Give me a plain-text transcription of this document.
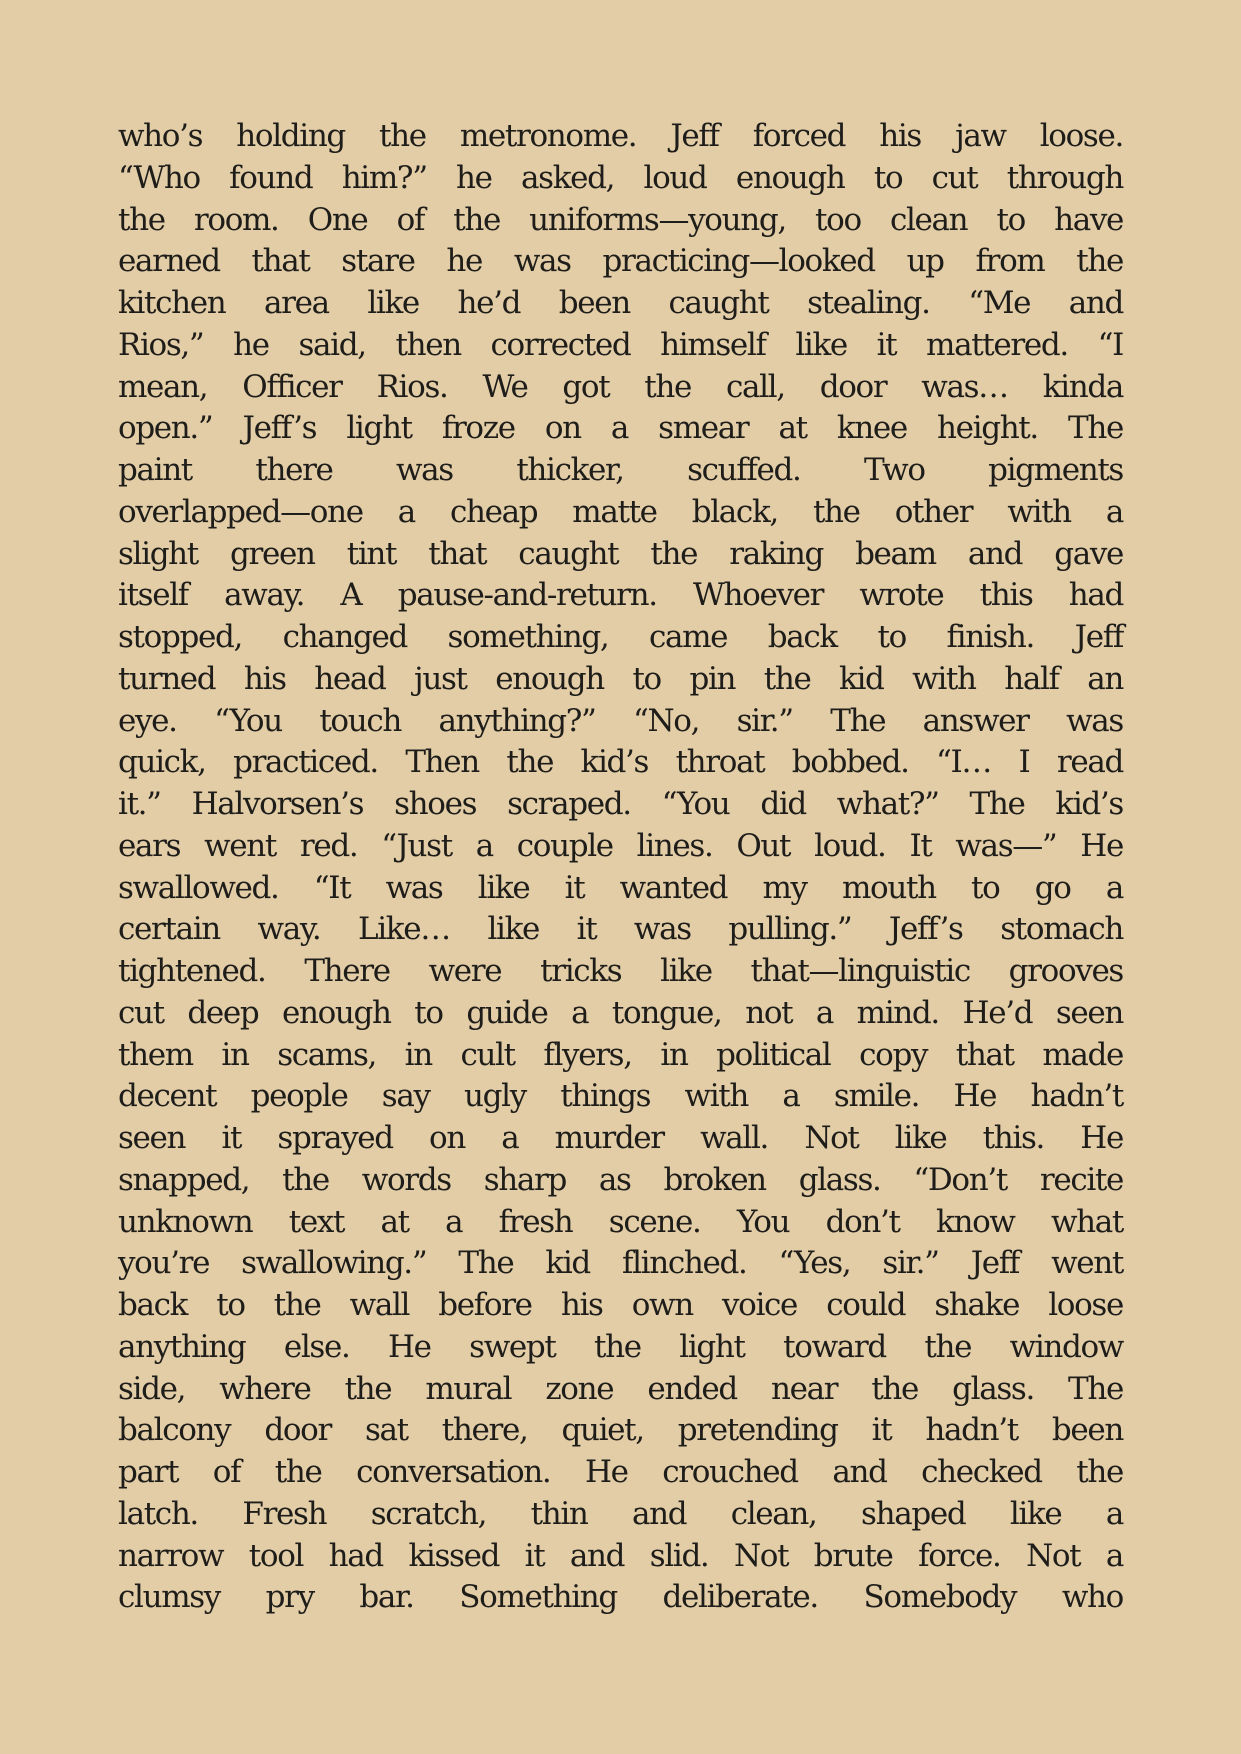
who’s holding the metronome. Jeff forced his jaw loose.
“Who found him?” he asked, loud enough to cut through
the room. One of the uniforms—young, too clean to have
earned that stare he was practicing—looked up from the
kitchen area like he’d been caught stealing. “Me and
Rios,” he said, then corrected himself like it mattered. “I
mean, Officer Rios. We got the call, door was… kinda
open.” Jeff’s light froze on a smear at knee height. The
paint there was thicker, scuffed. Two pigments
overlapped—one a cheap matte black, the other with a
slight green tint that caught the raking beam and gave
itself away. A pause-and-return. Whoever wrote this had
stopped, changed something, came back to finish. Jeff
turned his head just enough to pin the kid with half an
eye. “You touch anything?” “No, sir.” The answer was
quick, practiced. Then the kid’s throat bobbed. “I… I read
it.” Halvorsen’s shoes scraped. “You did what?” The kid’s
ears went red. “Just a couple lines. Out loud. It was—” He
swallowed. “It was like it wanted my mouth to go a
certain way. Like… like it was pulling.” Jeff’s stomach
tightened. There were tricks like that—linguistic grooves
cut deep enough to guide a tongue, not a mind. He’d seen
them in scams, in cult flyers, in political copy that made
decent people say ugly things with a smile. He hadn’t
seen it sprayed on a murder wall. Not like this. He
snapped, the words sharp as broken glass. “Don’t recite
unknown text at a fresh scene. You don’t know what
you’re swallowing.” The kid flinched. “Yes, sir.” Jeff went
back to the wall before his own voice could shake loose
anything else. He swept the light toward the window
side, where the mural zone ended near the glass. The
balcony door sat there, quiet, pretending it hadn’t been
part of the conversation. He crouched and checked the
latch. Fresh scratch, thin and clean, shaped like a
narrow tool had kissed it and slid. Not brute force. Not a
clumsy pry bar. Something deliberate. Somebody who
